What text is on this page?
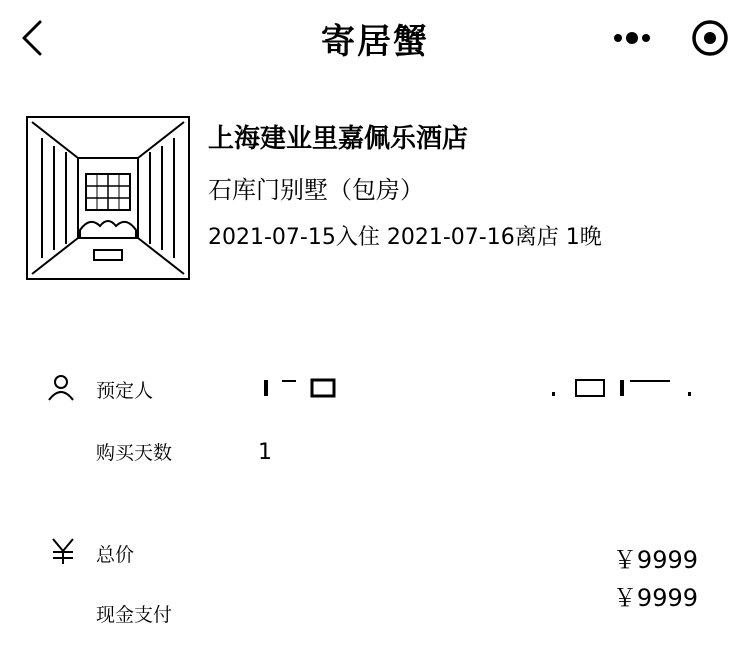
寄居蟹
上海建业里嘉佩乐酒店
石库门别墅（包房）
2021-07-15入住 2021-07-16离店 1晚
预定人
购买天数	1
总价	￥9999
现金支付
￥9999
